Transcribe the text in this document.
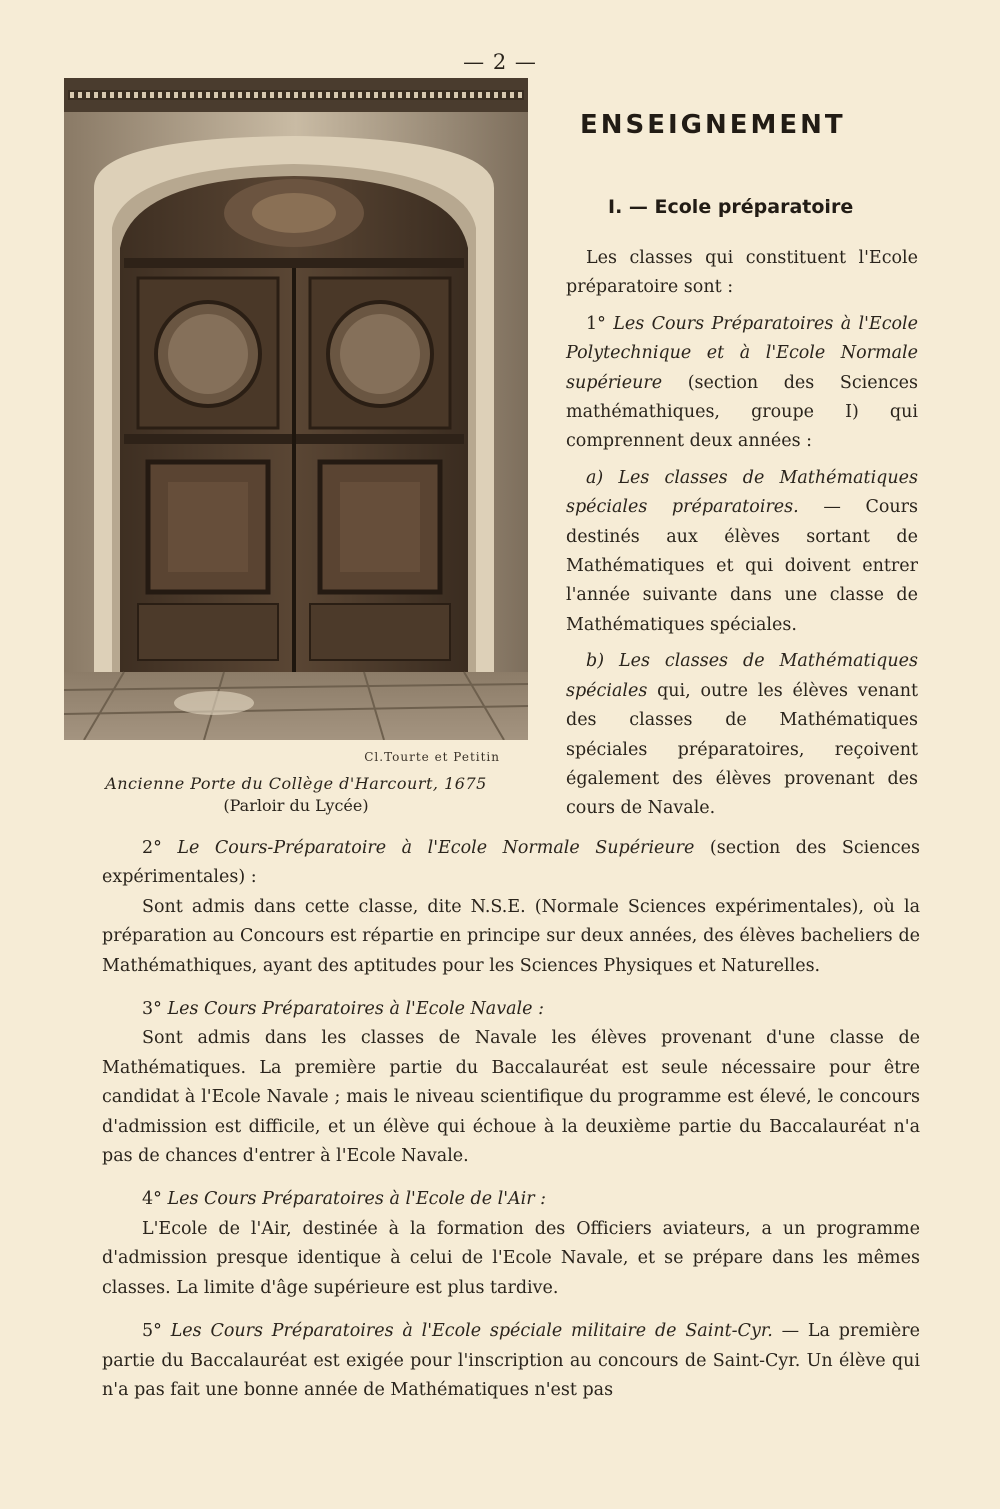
— 2 —
Cl.Tourte et Petitin
Ancienne Porte du Collège d'Harcourt, 1675
(Parloir du Lycée)
ENSEIGNEMENT
I. — Ecole préparatoire

Les classes qui constituent l'Ecole préparatoire sont :

1° Les Cours Préparatoires à l'Ecole Polytechnique et à l'Ecole Normale supérieure (section des Sciences mathémathiques, groupe I) qui comprennent deux années :

a) Les classes de Mathématiques spéciales préparatoires. — Cours destinés aux élèves sortant de Mathématiques et qui doivent entrer l'année suivante dans une classe de Mathématiques spéciales.

b) Les classes de Mathématiques spéciales qui, outre les élèves venant des classes de Mathématiques spéciales préparatoires, reçoivent également des élèves provenant des cours de Navale.

2° Le Cours-Préparatoire à l'Ecole Normale Supérieure (section des Sciences expérimentales) :

Sont admis dans cette classe, dite N.S.E. (Normale Sciences expérimentales), où la préparation au Concours est répartie en principe sur deux années, des élèves bacheliers de Mathémathiques, ayant des aptitudes pour les Sciences Physiques et Naturelles.

3° Les Cours Préparatoires à l'Ecole Navale :

Sont admis dans les classes de Navale les élèves provenant d'une classe de Mathématiques. La première partie du Baccalauréat est seule nécessaire pour être candidat à l'Ecole Navale ; mais le niveau scientifique du programme est élevé, le concours d'admission est difficile, et un élève qui échoue à la deuxième partie du Baccalauréat n'a pas de chances d'entrer à l'Ecole Navale.

4° Les Cours Préparatoires à l'Ecole de l'Air :

L'Ecole de l'Air, destinée à la formation des Officiers aviateurs, a un programme d'admission presque identique à celui de l'Ecole Navale, et se prépare dans les mêmes classes. La limite d'âge supérieure est plus tardive.

5° Les Cours Préparatoires à l'Ecole spéciale militaire de Saint-Cyr. — La première partie du Baccalauréat est exigée pour l'inscription au concours de Saint-Cyr. Un élève qui n'a pas fait une bonne année de Mathématiques n'est pas
